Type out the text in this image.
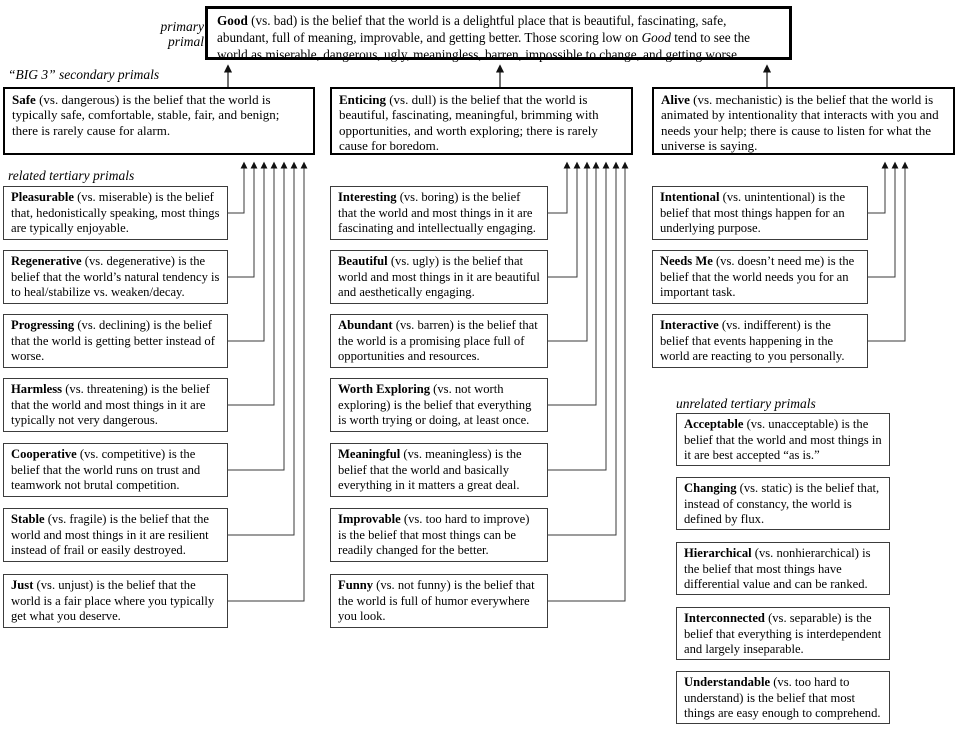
primary primal
“BIG 3” secondary primals
related tertiary primals
unrelated tertiary primals
Good (vs. bad) is the belief that the world is a delightful place that is beautiful, fascinating, safe, abundant, full of meaning, improvable, and getting better. Those scoring low on Good tend to see the world as miserable, dangerous, ugly, meaningless, barren, impossible to change, and getting worse.
Safe (vs. dangerous) is the belief that the world is typically safe, comfortable, stable, fair, and benign; there is rarely cause for alarm.
Enticing (vs. dull) is the belief that the world is beautiful, fascinating, meaningful, brimming with opportunities, and worth exploring; there is rarely cause for boredom.
Alive (vs. mechanistic) is the belief that the world is animated by intentionality that interacts with you and needs your help; there is cause to listen for what the universe is saying.
Pleasurable (vs. miserable) is the belief that, hedonistically speaking, most things are typically enjoyable.
Regenerative (vs. degenerative) is the belief that the world’s natural tendency is to heal/stabilize vs. weaken/decay.
Progressing (vs. declining) is the belief that the world is getting better instead of worse.
Harmless (vs. threatening) is the belief that the world and most things in it are typically not very dangerous.
Cooperative (vs. competitive) is the belief that the world runs on trust and teamwork not brutal competition.
Stable (vs. fragile) is the belief that the world and most things in it are resilient instead of frail or easily destroyed.
Just (vs. unjust) is the belief that the world is a fair place where you typically get what you deserve.
Interesting (vs. boring) is the belief that the world and most things in it are fascinating and intellectually engaging.
Beautiful (vs. ugly) is the belief that world and most things in it are beautiful and aesthetically engaging.
Abundant (vs. barren) is the belief that the world is a promising place full of opportunities and resources.
Worth Exploring (vs. not worth exploring) is the belief that everything is worth trying or doing, at least once.
Meaningful (vs. meaningless) is the belief that the world and basically everything in it matters a great deal.
Improvable (vs. too hard to improve) is the belief that most things can be readily changed for the better.
Funny (vs. not funny) is the belief that the world is full of humor everywhere you look.
Intentional (vs. unintentional) is the belief that most things happen for an underlying purpose.
Needs Me (vs. doesn’t need me) is the belief that the world needs you for an important task.
Interactive (vs. indifferent) is the belief that events happening in the world are reacting to you personally.
Acceptable (vs. unacceptable) is the belief that the world and most things in it are best accepted “as is.”
Changing (vs. static) is the belief that, instead of constancy, the world is defined by flux.
Hierarchical (vs. nonhierarchical) is the belief that most things have differential value and can be ranked.
Interconnected (vs. separable) is the belief that everything is interdependent and largely inseparable.
Understandable (vs. too hard to understand) is the belief that most things are easy enough to comprehend.
